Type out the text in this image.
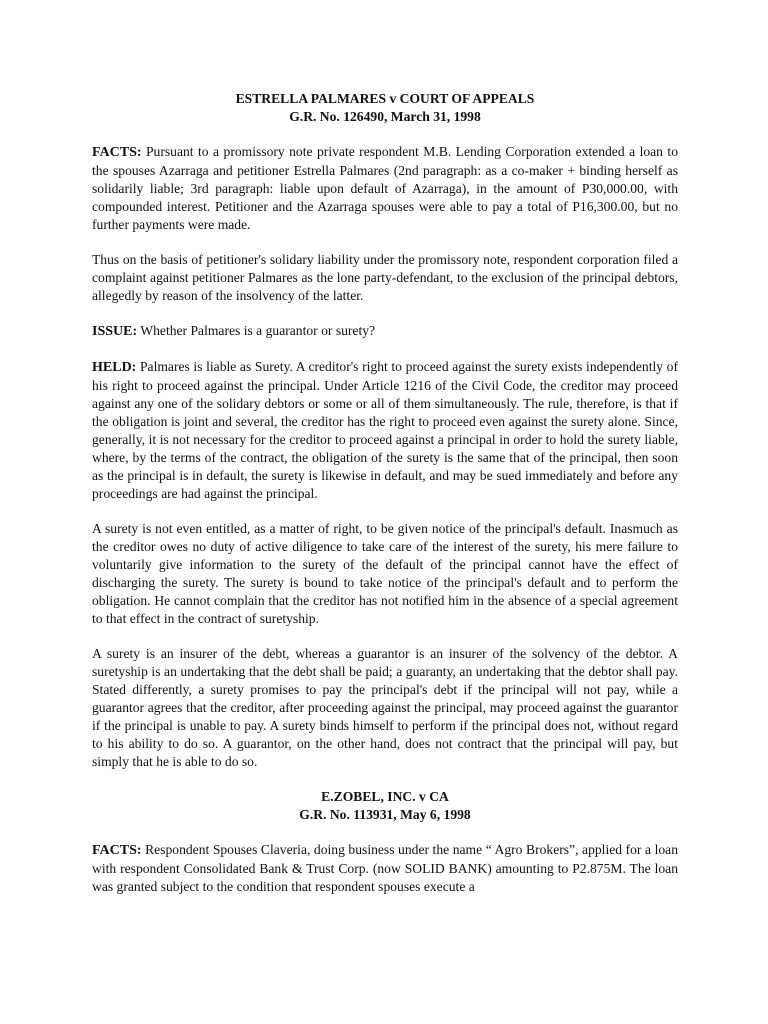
ESTRELLA PALMARES v COURT OF APPEALS
G.R. No. 126490, March 31, 1998

FACTS: Pursuant to a promissory note private respondent M.B. Lending Corporation extended a loan to the spouses Azarraga and petitioner Estrella Palmares (2nd paragraph: as a co-maker + binding herself as solidarily liable; 3rd paragraph: liable upon default of Azarraga), in the amount of P30,000.00, with compounded interest. Petitioner and the Azarraga spouses were able to pay a total of P16,300.00, but no further payments were made.

Thus on the basis of petitioner's solidary liability under the promissory note, respondent corporation filed a complaint against petitioner Palmares as the lone party-defendant, to the exclusion of the principal debtors, allegedly by reason of the insolvency of the latter.

ISSUE: Whether Palmares is a guarantor or surety?

HELD: Palmares is liable as Surety. A creditor's right to proceed against the surety exists independently of his right to proceed against the principal. Under Article 1216 of the Civil Code, the creditor may proceed against any one of the solidary debtors or some or all of them simultaneously. The rule, therefore, is that if the obligation is joint and several, the creditor has the right to proceed even against the surety alone. Since, generally, it is not necessary for the creditor to proceed against a principal in order to hold the surety liable, where, by the terms of the contract, the obligation of the surety is the same that of the principal, then soon as the principal is in default, the surety is likewise in default, and may be sued immediately and before any proceedings are had against the principal.

A surety is not even entitled, as a matter of right, to be given notice of the principal's default. Inasmuch as the creditor owes no duty of active diligence to take care of the interest of the surety, his mere failure to voluntarily give information to the surety of the default of the principal cannot have the effect of discharging the surety. The surety is bound to take notice of the principal's default and to perform the obligation. He cannot complain that the creditor has not notified him in the absence of a special agreement to that effect in the contract of suretyship.

A surety is an insurer of the debt, whereas a guarantor is an insurer of the solvency of the debtor. A suretyship is an undertaking that the debt shall be paid; a guaranty, an undertaking that the debtor shall pay. Stated differently, a surety promises to pay the principal's debt if the principal will not pay, while a guarantor agrees that the creditor, after proceeding against the principal, may proceed against the guarantor if the principal is unable to pay. A surety binds himself to perform if the principal does not, without regard to his ability to do so. A guarantor, on the other hand, does not contract that the principal will pay, but simply that he is able to do so.

E.ZOBEL, INC. v CA
G.R. No. 113931, May 6, 1998

FACTS: Respondent Spouses Claveria, doing business under the name “ Agro Brokers”, applied for a loan with respondent Consolidated Bank & Trust Corp. (now SOLID BANK) amounting to P2.875M. The loan was granted subject to the condition that respondent spouses execute a
